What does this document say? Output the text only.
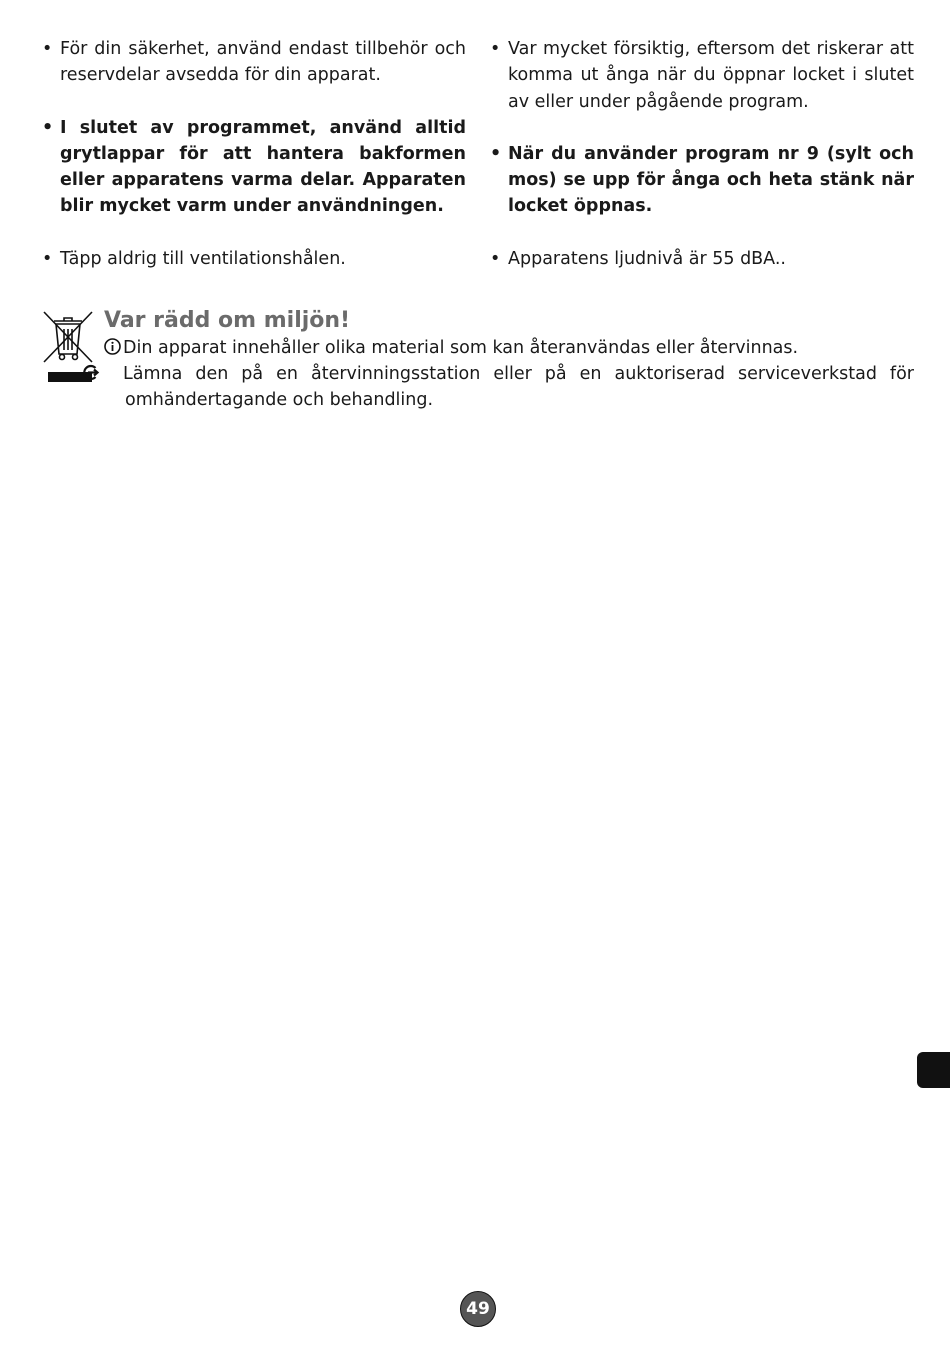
• För din säkerhet, använd endast tillbehör och reservdelar avsedda för din apparat.

• I slutet av programmet, använd alltid grytlappar för att hantera bakformen eller apparatens varma delar. Apparaten blir mycket varm under användningen.

• Täpp aldrig till ventilationshålen.

• Var mycket försiktig, eftersom det riskerar att komma ut ånga när du öppnar locket i slutet av eller under pågående program.

• När du använder program nr 9 (sylt och mos) se upp för ånga och heta stänk när locket öppnas.

• Apparatens ljudnivå är 55 dBA..

Var rädd om miljön!
Din apparat innehåller olika material som kan återanvändas eller återvinnas.
Lämna den på en återvinningsstation eller på en auktoriserad serviceverkstad för omhändertagande och behandling.
49
